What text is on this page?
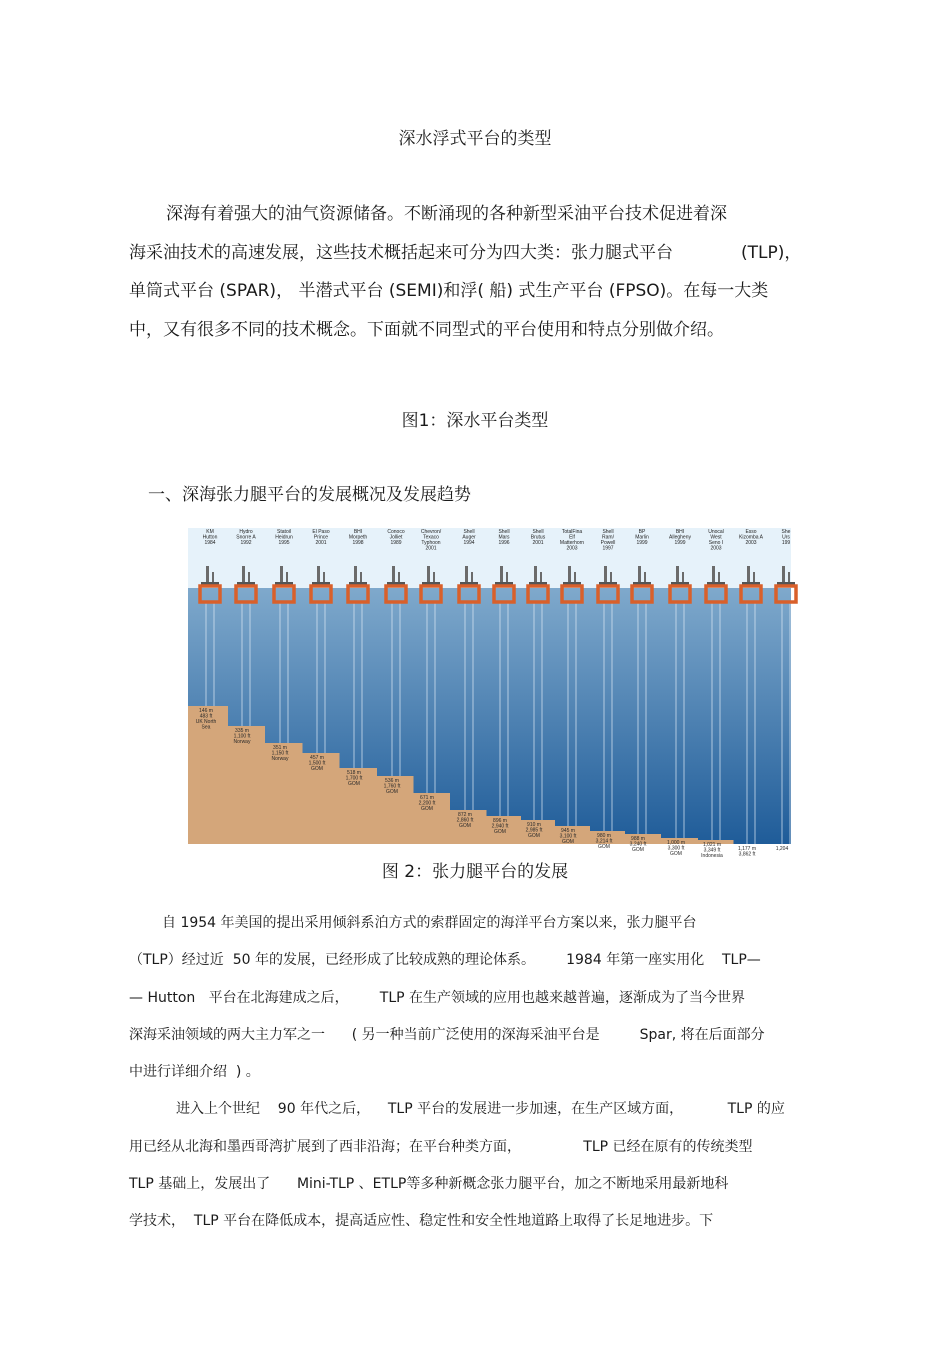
深水浮式平台的类型
深海有着强大的油气资源储备。不断涌现的各种新型采油平台技术促进着深
海采油技术的高速发展，这些技术概括起来可分为四大类：张力腿式平台	(TLP)，
单筒式平台 (SPAR)， 半潜式平台 (SEMI)和浮( 船) 式生产平台 (FPSO)。在每一大类
中，又有很多不同的技术概念。下面就不同型式的平台使用和特点分别做介绍。
图1：深水平台类型
一、深海张力腿平台的发展概况及发展趋势
KM
Hutton
1984
146 m
483 ft
UK North
Sea
Hydro
Snorre A
1992
335 m
1,100 ft
Norway
Statoil
Heidrun
1995
351 m
1,150 ft
Norway
El Paso
Prince
2001
457 m
1,500 ft
GOM
BHI
Morpeth
1998
518 m
1,700 ft
GOM
Conoco
Jolliet
1989
536 m
1,760 ft
GOM
Chevron/
Texaco
Typhoon
2001
671 m
2,200 ft
GOM
Shell
Auger
1994
872 m
2,860 ft
GOM
Shell
Mars
1996
896 m
2,940 ft
GOM
Shell
Brutus
2001
910 m
2,985 ft
GOM
TotalFina
Elf
Matterhorn
2003
945 m
3,100 ft
GOM
Shell
Ram/
Powell
1997
980 m
3,214 ft
GOM
BP
Marlin
1999
988 m
3,240 ft
GOM
BHI
Allegheny
1999
1,000 m
3,300 ft
GOM
Unocal
West
Seno I
2003
1,021 m
3,349 ft
Indonesia
Esso
Kizomba A
2003
1,177 m
3,862 ft
She
Urs
199
1,204
图 2：张力腿平台的发展
自 1954 年美国的提出采用倾斜系泊方式的索群固定的海洋平台方案以来，张力腿平台
（TLP）经过近  50 年的发展，已经形成了比较成熟的理论体系。       1984 年第一座实用化    TLP—
— Hutton   平台在北海建成之后，       TLP 在生产领域的应用也越来越普遍，逐渐成为了当今世界
深海采油领域的两大主力军之一      ( 另一种当前广泛使用的深海采油平台是         Spar, 将在后面部分
中进行详细介绍  ) 。
进入上个世纪    90 年代之后，    TLP 平台的发展进一步加速，在生产区域方面，          TLP 的应
用已经从北海和墨西哥湾扩展到了西非沿海；在平台种类方面，              TLP 已经在原有的传统类型
TLP 基础上，发展出了      Mini-TLP 、ETLP等多种新概念张力腿平台，加之不断地采用最新地科
学技术，  TLP 平台在降低成本，提高适应性、稳定性和安全性地道路上取得了长足地进步。下
